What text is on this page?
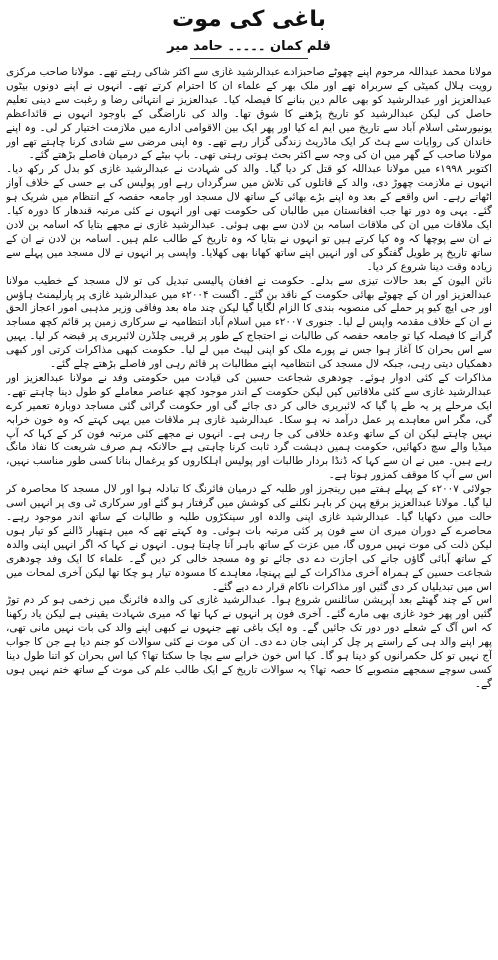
باغی کی موت
قلم کمان ۔۔۔۔۔ حامد میر

مولانا محمد عبداللہ مرحوم اپنے چھوٹے صاحبزادے عبدالرشید غازی سے اکثر شاکی رہتے تھے۔ مولانا صاحب مرکزی رویت ہلال کمیٹی کے سربراہ تھے اور ملک بھر کے علماء ان کا احترام کرتے تھے۔ انہوں نے اپنے دونوں بیٹوں عبدالعزیز اور عبدالرشید کو بھی عالم دین بنانے کا فیصلہ کیا۔ عبدالعزیز نے انتہائی رضا و رغبت سے دینی تعلیم حاصل کی لیکن عبدالرشید کو تاریخ پڑھنے کا شوق تھا۔ والد کی ناراضگی کے باوجود انہوں نے قائداعظم یونیورسٹی اسلام آباد سے تاریخ میں ایم اے کیا اور پھر ایک بین الاقوامی ادارے میں ملازمت اختیار کر لی۔ وہ اپنے خاندان کی روایات سے ہٹ کر ایک ماڈریٹ زندگی گزار رہے تھے۔ وہ اپنی مرضی سے شادی کرنا چاہتے تھے اور مولانا صاحب کے گھر میں ان کی وجہ سے اکثر بحث ہوتی رہتی تھی۔ باپ بیٹے کے درمیان فاصلے بڑھتے گئے۔

اکتوبر ۱۹۹۸ء میں مولانا عبداللہ کو قتل کر دیا گیا۔ والد کی شہادت نے عبدالرشید غازی کو بدل کر رکھ دیا۔ انہوں نے ملازمت چھوڑ دی، والد کے قاتلوں کی تلاش میں سرگرداں رہے اور پولیس کی بے حسی کے خلاف آواز اٹھاتے رہے۔ اس واقعے کے بعد وہ اپنے بڑے بھائی کے ساتھ لال مسجد اور جامعہ حفصہ کے انتظام میں شریک ہو گئے۔ یہی وہ دور تھا جب افغانستان میں طالبان کی حکومت تھی اور انہوں نے کئی مرتبہ قندھار کا دورہ کیا۔ ایک ملاقات میں ان کی ملاقات اسامہ بن لادن سے بھی ہوئی۔ عبدالرشید غازی نے مجھے بتایا کہ اسامہ بن لادن نے ان سے پوچھا کہ وہ کیا کرتے ہیں تو انہوں نے بتایا کہ وہ تاریخ کے طالب علم ہیں۔ اسامہ بن لادن نے ان کے ساتھ تاریخ پر طویل گفتگو کی اور انہیں اپنے ساتھ کھانا بھی کھلایا۔ واپسی پر انہوں نے لال مسجد میں پہلے سے زیادہ وقت دینا شروع کر دیا۔

نائن الیون کے بعد حالات تیزی سے بدلے۔ حکومت نے افغان پالیسی تبدیل کی تو لال مسجد کے خطیب مولانا عبدالعزیز اور ان کے چھوٹے بھائی حکومت کے ناقد بن گئے۔ اگست ۲۰۰۴ء میں عبدالرشید غازی پر پارلیمنٹ ہاؤس اور جی ایچ کیو پر حملے کی منصوبہ بندی کا الزام لگایا گیا لیکن چند ماہ بعد وفاقی وزیر مذہبی امور اعجاز الحق نے ان کے خلاف مقدمہ واپس لے لیا۔ جنوری ۲۰۰۷ء میں اسلام آباد انتظامیہ نے سرکاری زمین پر قائم کچھ مساجد گرانے کا فیصلہ کیا تو جامعہ حفصہ کی طالبات نے احتجاج کے طور پر قریبی چلڈرن لائبریری پر قبضہ کر لیا۔ یہیں سے اس بحران کا آغاز ہوا جس نے پورے ملک کو اپنی لپیٹ میں لے لیا۔ حکومت کبھی مذاکرات کرتی اور کبھی دھمکیاں دیتی رہی، جبکہ لال مسجد کی انتظامیہ اپنے مطالبات پر قائم رہی اور فاصلے بڑھتے چلے گئے۔

مذاکرات کے کئی ادوار ہوئے۔ چودھری شجاعت حسین کی قیادت میں حکومتی وفد نے مولانا عبدالعزیز اور عبدالرشید غازی سے کئی ملاقاتیں کیں لیکن حکومت کے اندر موجود کچھ عناصر معاملے کو طول دینا چاہتے تھے۔ ایک مرحلے پر یہ طے پا گیا کہ لائبریری خالی کر دی جائے گی اور حکومت گرائی گئی مساجد دوبارہ تعمیر کرے گی، مگر اس معاہدے پر عمل درآمد نہ ہو سکا۔ عبدالرشید غازی ہر ملاقات میں یہی کہتے کہ وہ خون خرابہ نہیں چاہتے لیکن ان کے ساتھ وعدہ خلافی کی جا رہی ہے۔ انہوں نے مجھے کئی مرتبہ فون کر کے کہا کہ آپ میڈیا والے سچ دکھائیں، حکومت ہمیں دہشت گرد ثابت کرنا چاہتی ہے حالانکہ ہم صرف شریعت کا نفاذ مانگ رہے ہیں۔ میں نے ان سے کہا کہ ڈنڈا بردار طالبات اور پولیس اہلکاروں کو یرغمال بنانا کسی طور مناسب نہیں، اس سے آپ کا موقف کمزور ہوتا ہے۔

جولائی ۲۰۰۷ء کے پہلے ہفتے میں رینجرز اور طلبہ کے درمیان فائرنگ کا تبادلہ ہوا اور لال مسجد کا محاصرہ کر لیا گیا۔ مولانا عبدالعزیز برقع پہن کر باہر نکلنے کی کوشش میں گرفتار ہو گئے اور سرکاری ٹی وی پر انہیں اسی حالت میں دکھایا گیا۔ عبدالرشید غازی اپنی والدہ اور سینکڑوں طلبہ و طالبات کے ساتھ اندر موجود رہے۔ محاصرے کے دوران میری ان سے فون پر کئی مرتبہ بات ہوئی۔ وہ کہتے تھے کہ میں ہتھیار ڈالنے کو تیار ہوں لیکن ذلت کی موت نہیں مروں گا، میں عزت کے ساتھ باہر آنا چاہتا ہوں۔ انہوں نے کہا کہ اگر انہیں اپنی والدہ کے ساتھ آبائی گاؤں جانے کی اجازت دے دی جائے تو وہ مسجد خالی کر دیں گے۔ علماء کا ایک وفد چودھری شجاعت حسین کے ہمراہ آخری مذاکرات کے لیے پہنچا، معاہدے کا مسودہ تیار ہو چکا تھا لیکن آخری لمحات میں اس میں تبدیلیاں کر دی گئیں اور مذاکرات ناکام قرار دے دیے گئے۔

اس کے چند گھنٹے بعد آپریشن سائلنس شروع ہوا۔ عبدالرشید غازی کی والدہ فائرنگ میں زخمی ہو کر دم توڑ گئیں اور پھر خود غازی بھی مارے گئے۔ آخری فون پر انہوں نے کہا تھا کہ میری شہادت یقینی ہے لیکن یاد رکھنا کہ اس آگ کے شعلے دور دور تک جائیں گے۔ وہ ایک باغی تھے جنہوں نے کبھی اپنے والد کی بات نہیں مانی تھی، پھر اپنے والد ہی کے راستے پر چل کر اپنی جان دے دی۔ ان کی موت نے کئی سوالات کو جنم دیا ہے جن کا جواب آج نہیں تو کل حکمرانوں کو دینا ہو گا۔ کیا اس خون خرابے سے بچا جا سکتا تھا؟ کیا اس بحران کو اتنا طول دینا کسی سوچے سمجھے منصوبے کا حصہ تھا؟ یہ سوالات تاریخ کے ایک طالب علم کی موت کے ساتھ ختم نہیں ہوں گے۔
